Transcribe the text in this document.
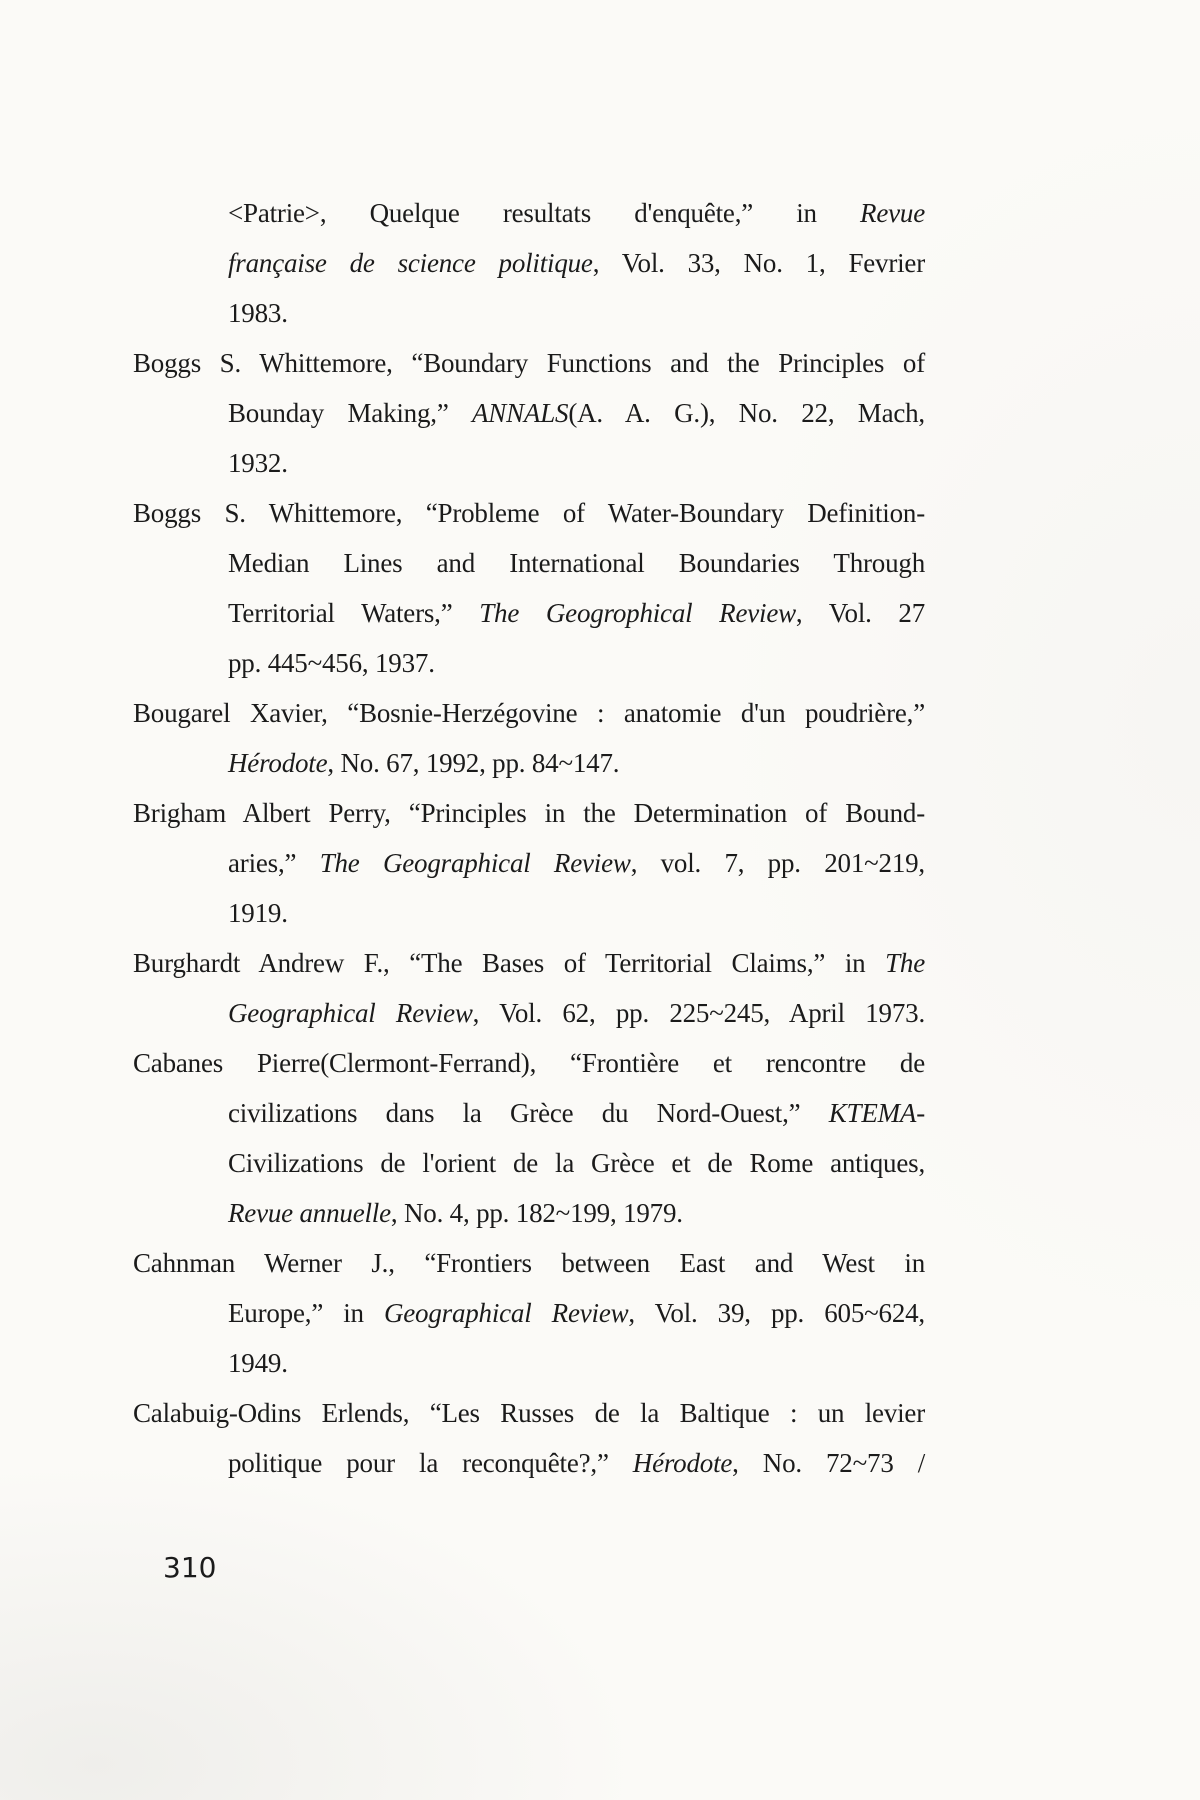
<Patrie>, Quelque resultats d'enquête,” in Revue
française de science politique, Vol. 33, No. 1, Fevrier
1983.
Boggs S. Whittemore, “Boundary Functions and the Principles of
Bounday Making,” ANNALS(A. A. G.), No. 22, Mach,
1932.
Boggs S. Whittemore, “Probleme of Water-Boundary Definition-
Median Lines and International Boundaries Through
Territorial Waters,” The Geogrophical Review, Vol. 27
pp. 445~456, 1937.
Bougarel Xavier, “Bosnie-Herzégovine : anatomie d'un poudrière,”
Hérodote, No. 67, 1992, pp. 84~147.
Brigham Albert Perry, “Principles in the Determination of Bound-
aries,” The Geographical Review, vol. 7, pp. 201~219,
1919.
Burghardt Andrew F., “The Bases of Territorial Claims,” in The
Geographical Review, Vol. 62, pp. 225~245, April 1973.
Cabanes Pierre(Clermont-Ferrand), “Frontière et rencontre de
civilizations dans la Grèce du Nord-Ouest,” KTEMA-
Civilizations de l'orient de la Grèce et de Rome antiques,
Revue annuelle, No. 4, pp. 182~199, 1979.
Cahnman Werner J., “Frontiers between East and West in
Europe,” in Geographical Review, Vol. 39, pp. 605~624,
1949.
Calabuig-Odins Erlends, “Les Russes de la Baltique : un levier
politique pour la reconquête?,” Hérodote, No. 72~73 /
310
